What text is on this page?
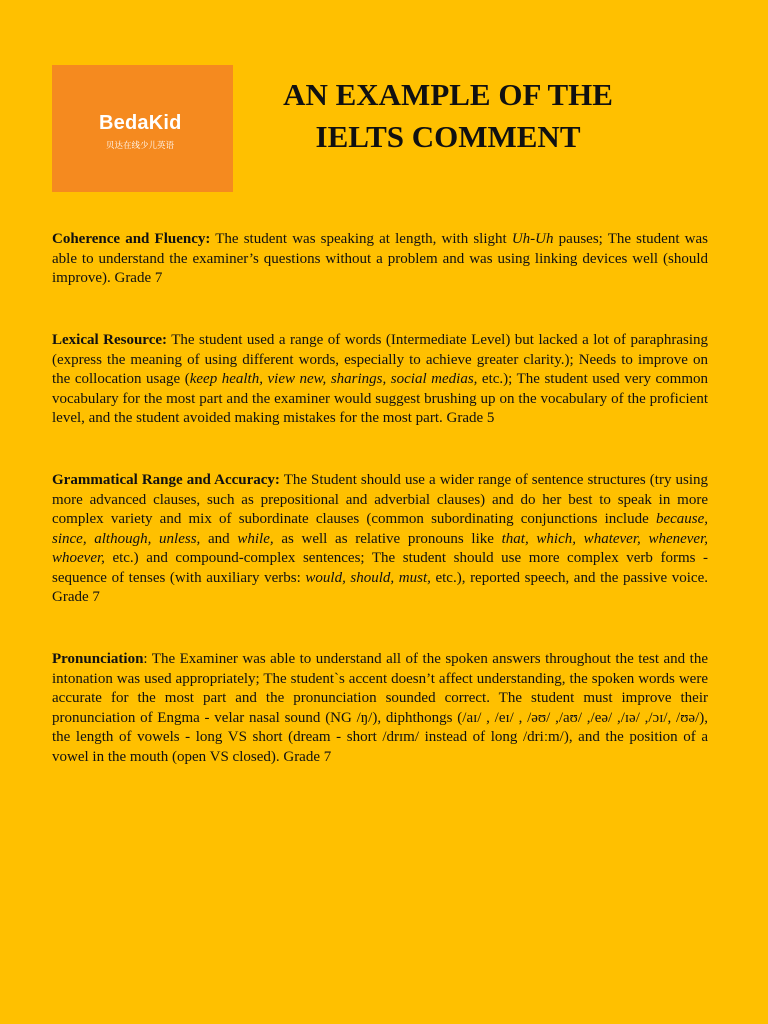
BedaKid
贝达在线少儿英语
AN EXAMPLE OF THE
IELTS COMMENT

Coherence and Fluency: The student was speaking at length, with slight Uh-Uh pauses; The student was able to understand the examiner’s questions without a problem and was using linking devices well (should improve). Grade 7

Lexical Resource: The student used a range of words (Intermediate Level) but lacked a lot of paraphrasing (express the meaning of using different words, especially to achieve greater clarity.); Needs to improve on the collocation usage (keep health, view new, sharings, social medias, etc.); The student used very common vocabulary for the most part and the examiner would suggest brushing up on the vocabulary of the proficient level, and the student avoided making mistakes for the most part. Grade 5

Grammatical Range and Accuracy: The Student should use a wider range of sentence structures (try using more advanced clauses, such as prepositional and adverbial clauses) and do her best to speak in more complex variety and mix of subordinate clauses (common subordinating conjunctions include because, since, although, unless, and while, as well as relative pronouns like that, which, whatever, whenever, whoever, etc.) and compound-complex sentences; The student should use more complex verb forms - sequence of tenses (with auxiliary verbs: would, should, must, etc.), reported speech, and the passive voice. Grade 7

Pronunciation: The Examiner was able to understand all of the spoken answers throughout the test and the intonation was used appropriately; The student`s accent doesn’t affect understanding, the spoken words were accurate for the most part and the pronunciation sounded correct. The student must improve their pronunciation of Engma - velar nasal sound (NG /ŋ/), diphthongs (/aɪ/ , /eɪ/ , /əʊ/ ,/aʊ/ ,/eə/ ,/ɪə/ ,/ɔɪ/, /ʊə/), the length of vowels - long VS short (dream - short /drɪm/ instead of long /driːm/), and the position of a vowel in the mouth (open VS closed). Grade 7
